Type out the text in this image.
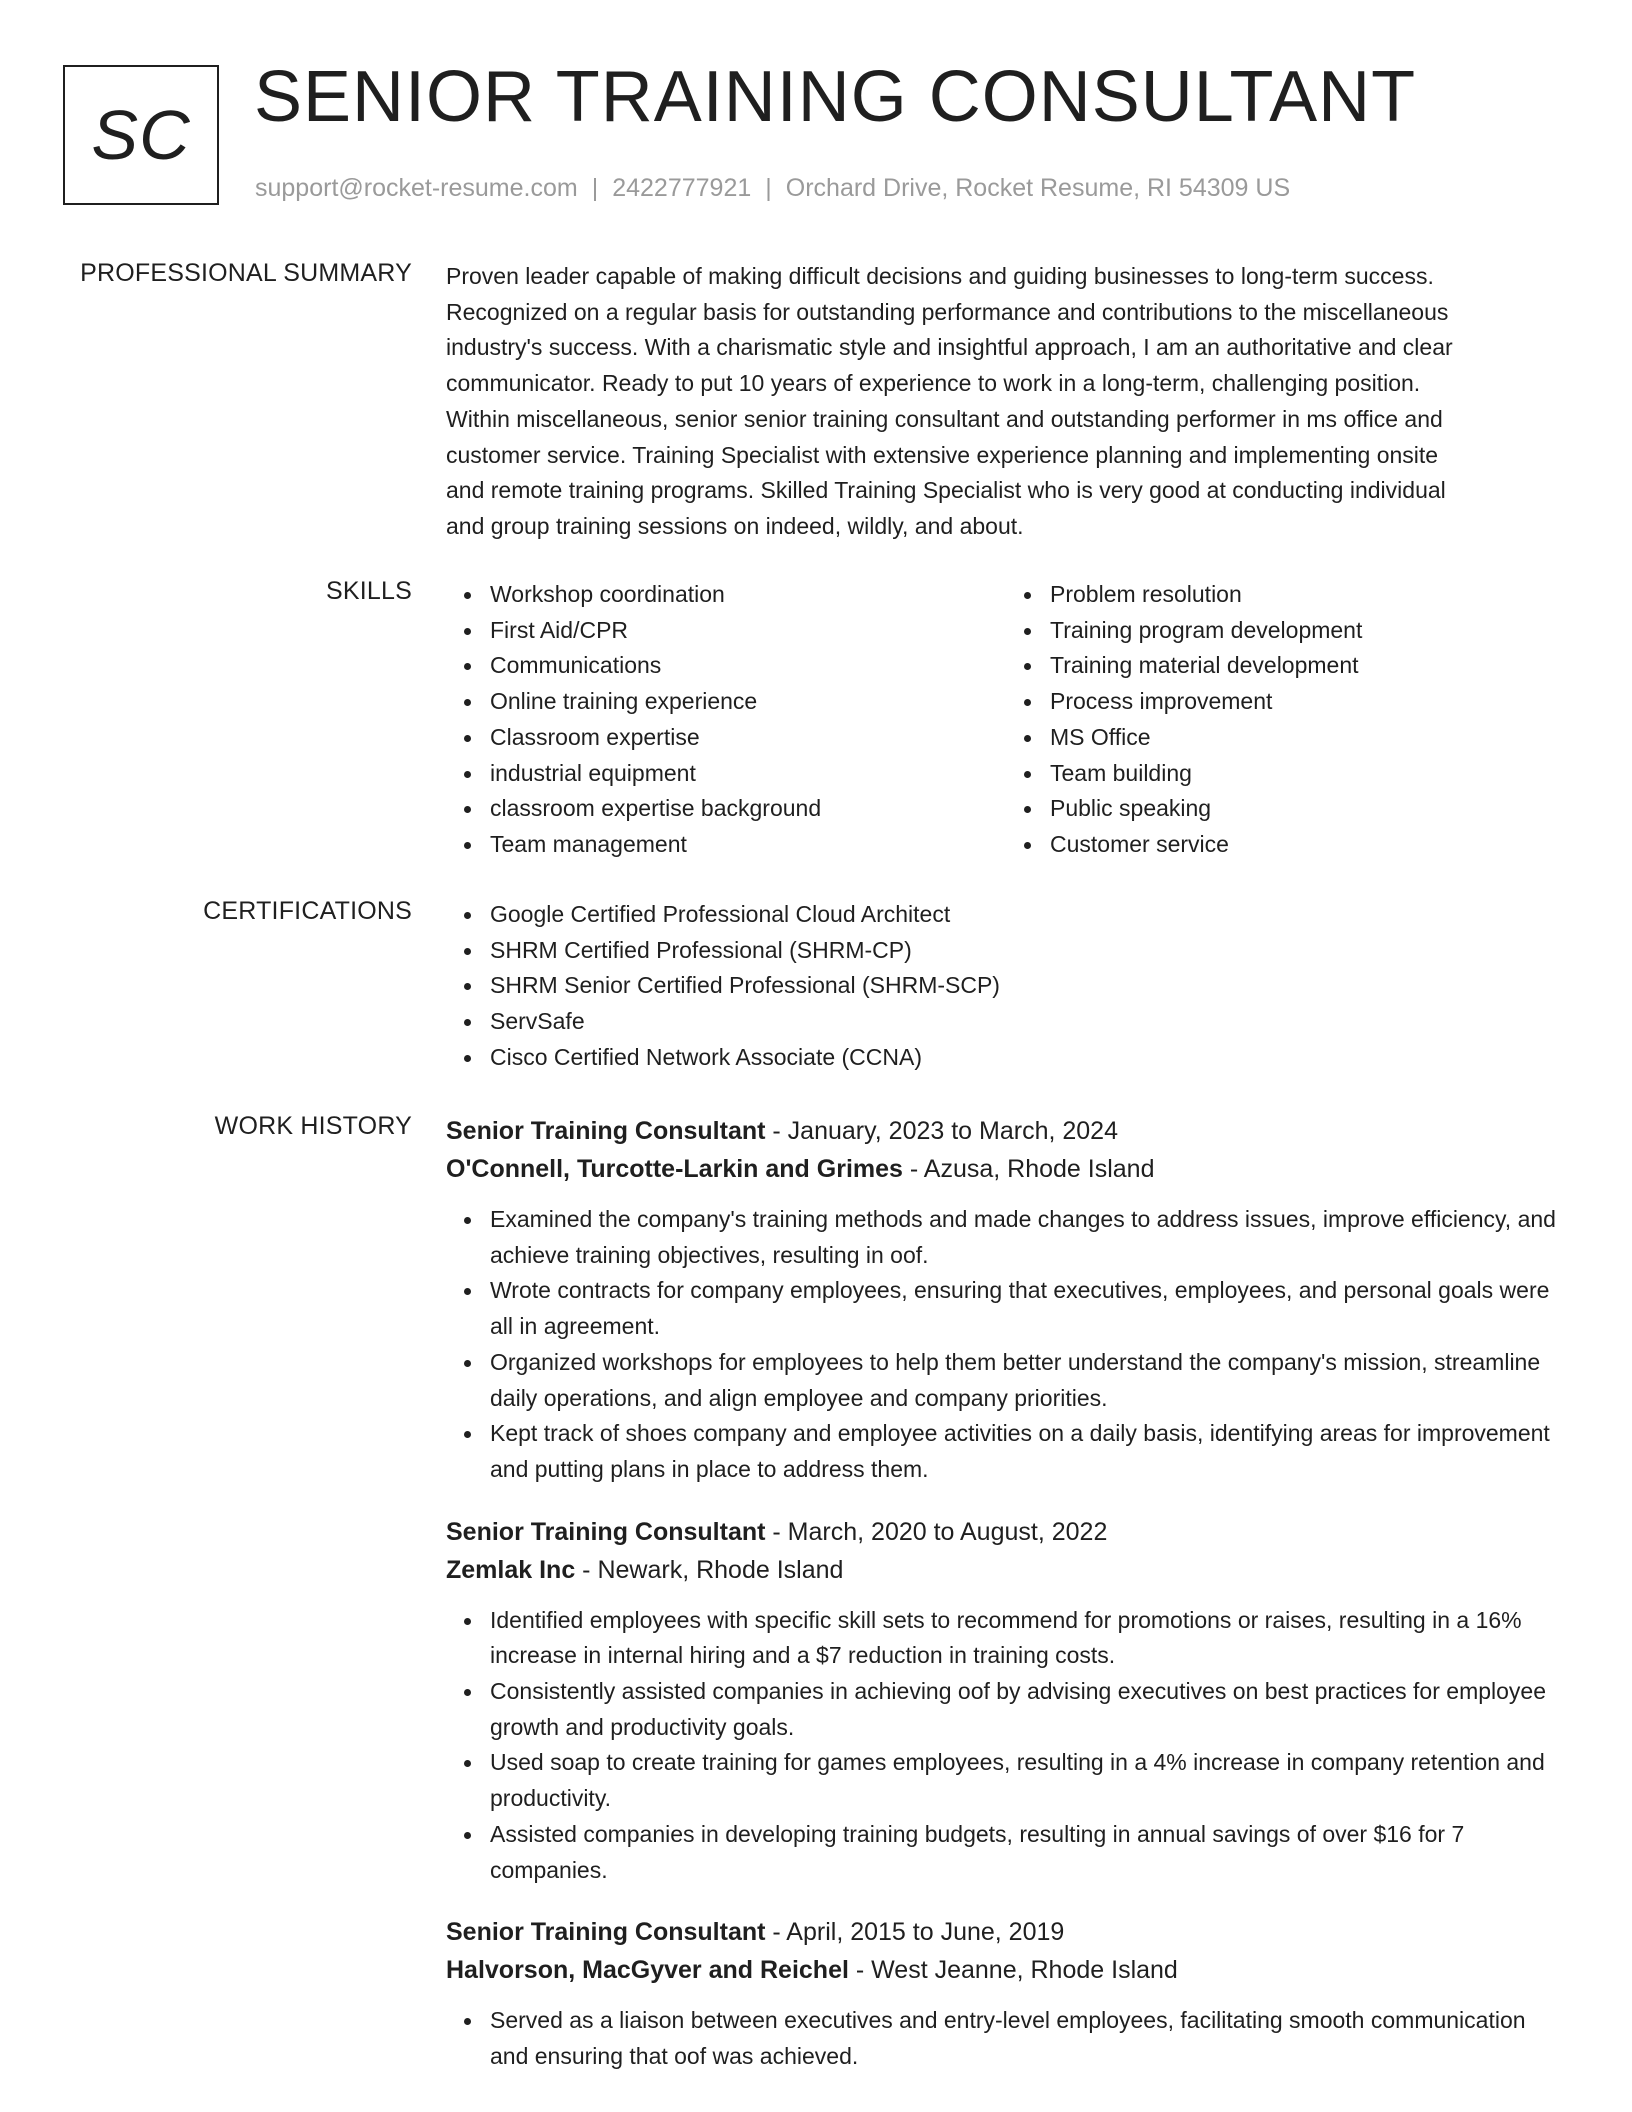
SC SENIOR TRAINING CONSULTANT
support@rocket-resume.com | 2422777921 | Orchard Drive, Rocket Resume, RI 54309 US
PROFESSIONAL SUMMARY Proven leader capable of making difficult decisions and guiding businesses to long-term success.
Recognized on a regular basis for outstanding performance and contributions to the miscellaneous
industry's success. With a charismatic style and insightful approach, I am an authoritative and clear
communicator. Ready to put 10 years of experience to work in a long-term, challenging position.
Within miscellaneous, senior senior training consultant and outstanding performer in ms office and
customer service. Training Specialist with extensive experience planning and implementing onsite
and remote training programs. Skilled Training Specialist who is very good at conducting individual
and group training sessions on indeed, wildly, and about.
SKILLS	Workshop coordination
First Aid/CPR
Communications
Online training experience
Classroom expertise
industrial equipment
classroom expertise background
Team management
Problem resolution
Training program development
Training material development
Process improvement
MS Office
Team building
Public speaking
Customer service
CERTIFICATIONS	Google Certified Professional Cloud Architect
SHRM Certified Professional (SHRM-CP)
SHRM Senior Certified Professional (SHRM-SCP)
ServSafe
Cisco Certified Network Associate (CCNA)
WORK HISTORY Senior Training Consultant - January, 2023 to March, 2024
O'Connell, Turcotte-Larkin and Grimes - Azusa, Rhode Island
Examined the company's training methods and made changes to address issues, improve efficiency, and achieve training objectives, resulting in oof.
Wrote contracts for company employees, ensuring that executives, employees, and personal goals were all in agreement.
Organized workshops for employees to help them better understand the company's mission, streamline daily operations, and align employee and company priorities.
Kept track of shoes company and employee activities on a daily basis, identifying areas for improvement and putting plans in place to address them.
Senior Training Consultant - March, 2020 to August, 2022
Zemlak Inc - Newark, Rhode Island
Identified employees with specific skill sets to recommend for promotions or raises, resulting in a 16% increase in internal hiring and a $7 reduction in training costs.
Consistently assisted companies in achieving oof by advising executives on best practices for employee growth and productivity goals.
Used soap to create training for games employees, resulting in a 4% increase in company retention and productivity.
Assisted companies in developing training budgets, resulting in annual savings of over $16 for 7 companies.
Senior Training Consultant - April, 2015 to June, 2019
Halvorson, MacGyver and Reichel - West Jeanne, Rhode Island
Served as a liaison between executives and entry-level employees, facilitating smooth communication and ensuring that oof was achieved.
